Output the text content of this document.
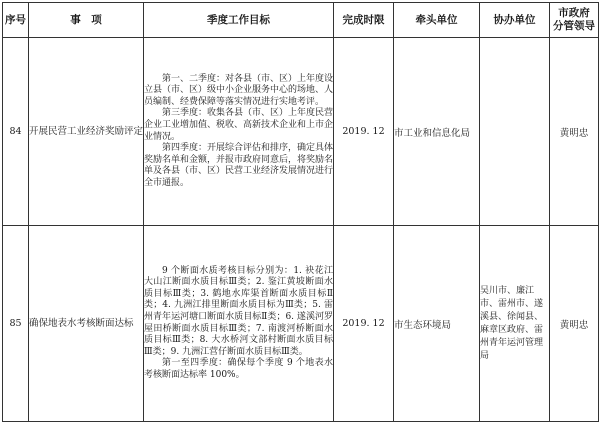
序号	事　项	季度工作目标	完成时限	牵头单位	协办单位	市政府
分管领导

84	开展民营工业经济奖励评定	第一、二季度：对各县（市、区）上年度设立县（市、区）级中小企业服务中心的场地、人员编制、经费保障等落实情况进行实地考评。

第三季度：收集各县（市、区）上年度民营企业工业增加值、税收、高新技术企业和上市企业情况。

第四季度：开展综合评估和排序，确定具体奖励名单和金额，并报市政府同意后，将奖励名单及各县（市、区）民营工业经济发展情况进行全市通报。	2019. 12	市工业和信息化局		黄明忠
85	确保地表水考核断面达标	9 个断面水质考核目标分别为：1. 袂花江大山江断面水质目标Ⅲ类；2. 鉴江黄坡断面水质目标Ⅲ类；3. 鹤地水库渠首断面水质目标Ⅱ类；4. 九洲江排里断面水质目标为Ⅲ类；5. 雷州青年运河塘口断面水质目标Ⅱ类；6. 遂溪河罗屋田桥断面水质目标Ⅲ类；7. 南渡河桥断面水质目标Ⅲ类；8. 大水桥河文部村断面水质目标Ⅲ类；9. 九洲江营仔断面水质目标Ⅲ类。

第一至四季度：确保每个季度 9 个地表水考核断面达标率 100%。	2019. 12	市生态环境局	吴川市、廉江市、雷州市、遂溪县、徐闻县、麻章区政府、雷州青年运河管理局	黄明忠
